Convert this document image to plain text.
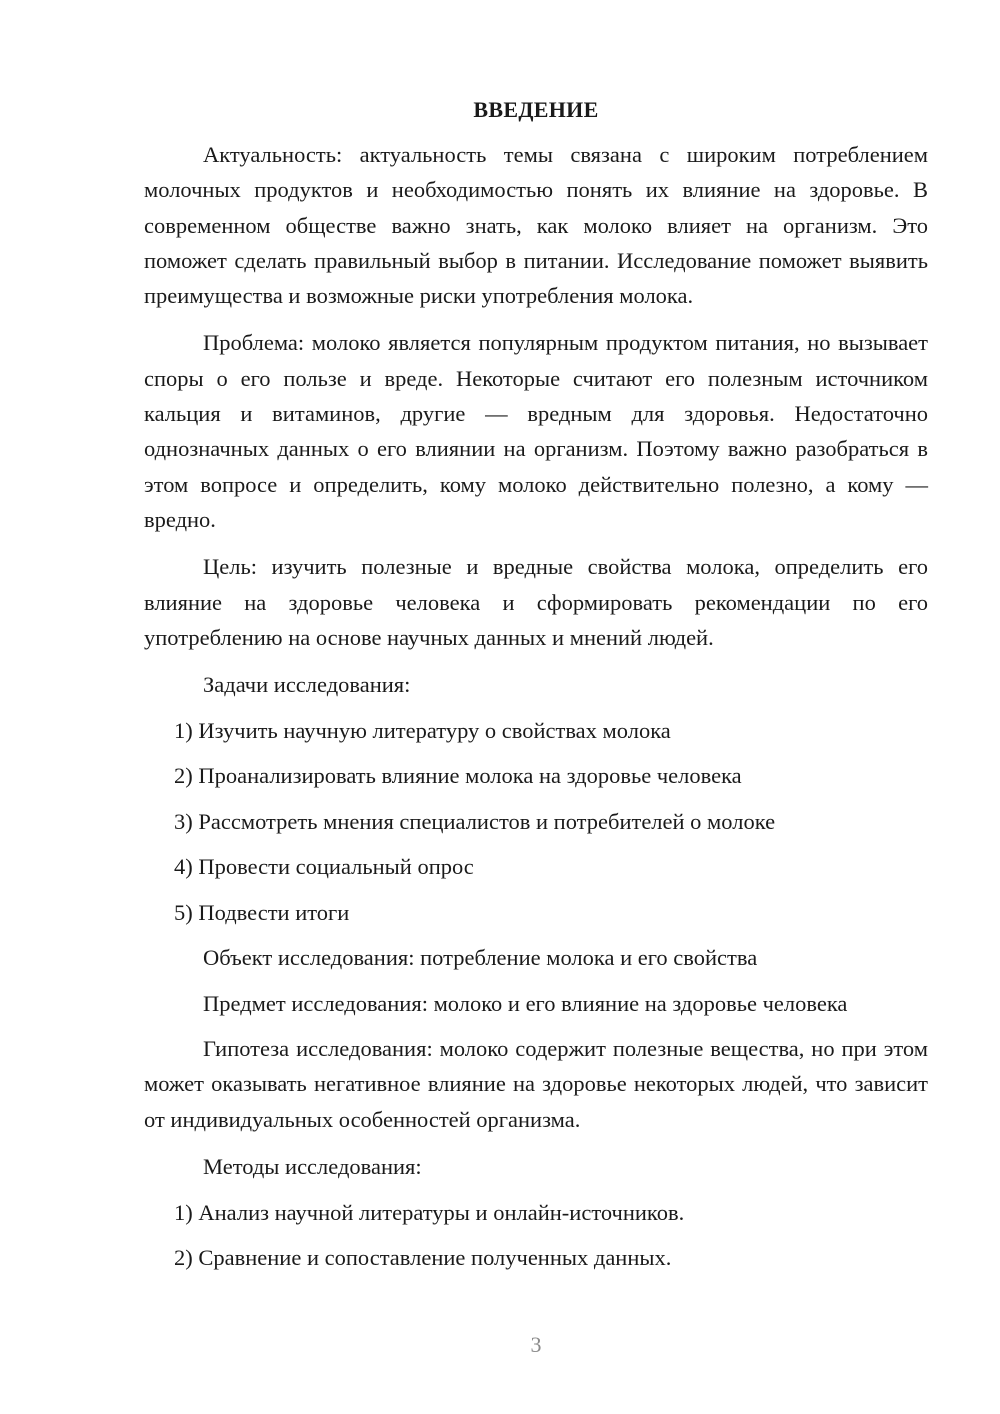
ВВЕДЕНИЕ

Актуальность: актуальность темы связана с широким потреблением молочных продуктов и необходимостью понять их влияние на здоровье. В современном обществе важно знать, как молоко влияет на организм. Это поможет сделать правильный выбор в питании. Исследование поможет выявить преимущества и возможные риски употребления молока.

Проблема: молоко является популярным продуктом питания, но вызывает споры о его пользе и вреде. Некоторые считают его полезным источником кальция и витаминов, другие — вредным для здоровья. Недостаточно однозначных данных о его влиянии на организм. Поэтому важно разобраться в этом вопросе и определить, кому молоко действительно полезно, а кому — вредно.

Цель: изучить полезные и вредные свойства молока, определить его влияние на здоровье человека и сформировать рекомендации по его употреблению на основе научных данных и мнений людей.

Задачи исследования:
1) Изучить научную литературу о свойствах молока
2) Проанализировать влияние молока на здоровье человека
3) Рассмотреть мнения специалистов и потребителей о молоке
4) Провести социальный опрос
5) Подвести итоги
Объект исследования: потребление молока и его свойства
Предмет исследования: молоко и его влияние на здоровье человека

Гипотеза исследования: молоко содержит полезные вещества, но при этом может оказывать негативное влияние на здоровье некоторых людей, что зависит от индивидуальных особенностей организма.

Методы исследования:
1) Анализ научной литературы и онлайн-источников.
2) Сравнение и сопоставление полученных данных.
3
